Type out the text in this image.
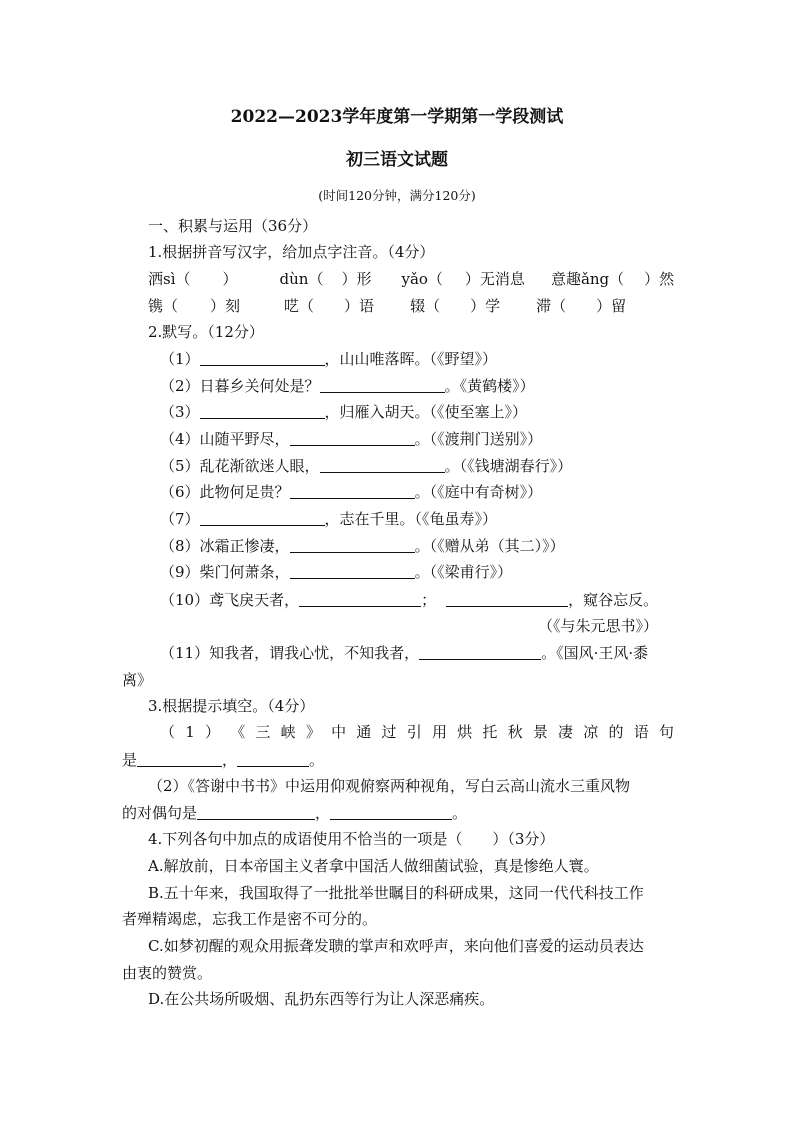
2022—2023学年度第一学期第一学段测试
初三语文试题
(时间120分钟，满分120分)
一、积累与运用（36分）
1.根据拼音写汉字，给加点字注音。（4分）
洒sì（ ）	dùn（ ）形 yǎo（ ）无消息 意趣ǎng（ ）然
镌（ ）刻	呓（ ）语 辍（ ）学 滞（ ）留
2.默写。（12分）
（1）	，山山唯落晖。（《野望》）
（2）日暮乡关何处是？	。《黄鹤楼》）
（3）	，归雁入胡天。（《使至塞上》）
（4）山随平野尽，	。（《渡荆门送别》）
（5）乱花渐欲迷人眼，	。（《钱塘湖春行》）
（6）此物何足贵？	。（《庭中有奇树》）
（7）	，志在千里。（《龟虽寿》）
（8）冰霜正惨凄，	。（《赠从弟（其二）》）
（9）柴门何萧条，	。（《梁甫行》）
（10）鸢飞戾天者，	；	，窥谷忘反。
（《与朱元思书》）
（11）知我者，谓我心忧，不知我者，	。《国风·王风·黍
离》
3.根据提示填空。（4分）
（ 1 ） 《 三 峡 》 中 通 过 引 用 烘 托 秋 景 凄 凉 的 语 句
是	，	。
（2）《答谢中书书》中运用仰观俯察两种视角，写白云高山流水三重风物
的对偶句是	，	。
4.下列各句中加点的成语使用不恰当的一项是（　　）（3分）
A.解放前，日本帝国主义者拿中国活人做细菌试验，真是惨绝人寰。
B.五十年来，我国取得了一批批举世瞩目的科研成果，这同一代代科技工作
者殚精竭虑，忘我工作是密不可分的。
C.如梦初醒的观众用振聋发聩的掌声和欢呼声，来向他们喜爱的运动员表达
由衷的赞赏。
D.在公共场所吸烟、乱扔东西等行为让人深恶痛疾。
